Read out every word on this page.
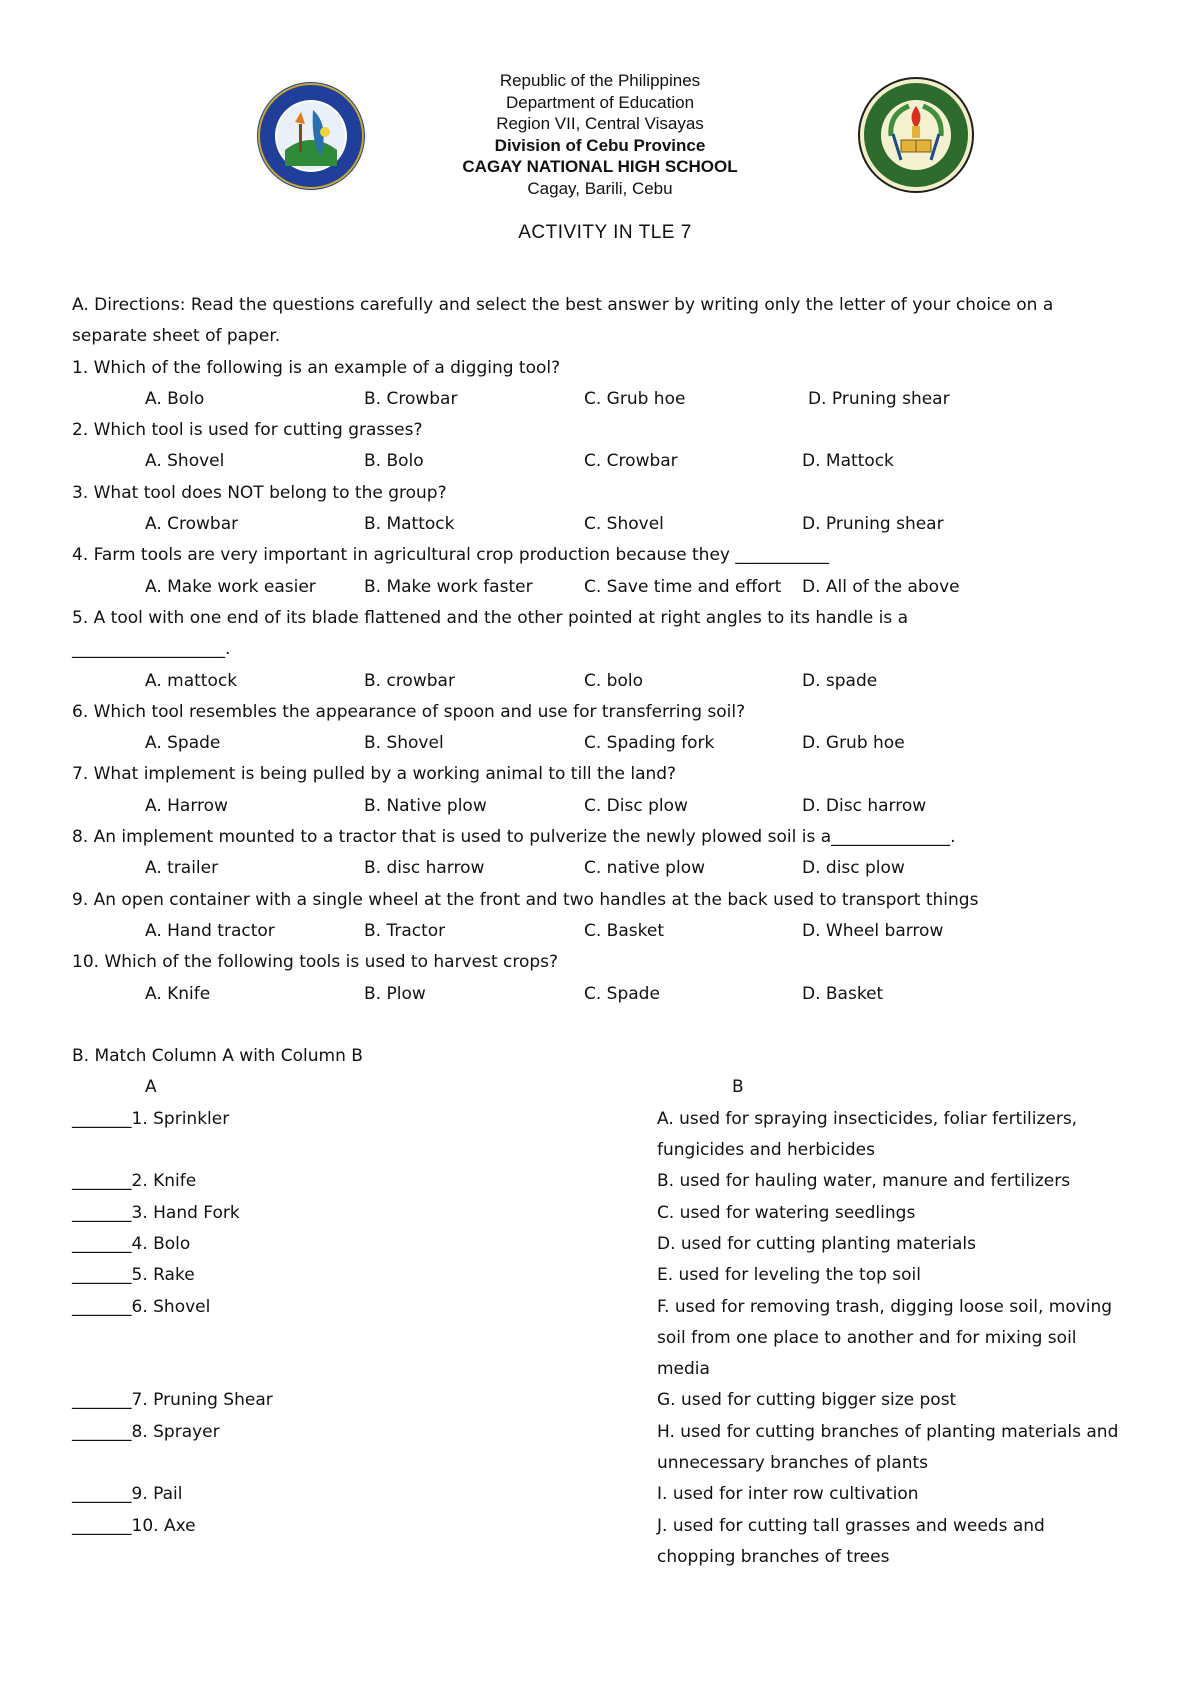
Republic of the Philippines
Department of Education
Region VII, Central Visayas
Division of Cebu Province
CAGAY NATIONAL HIGH SCHOOL
Cagay, Barili, Cebu
ACTIVITY IN TLE 7
A. Directions: Read the questions carefully and select the best answer by writing only the letter of your choice on a separate sheet of paper.
1. Which of the following is an example of a digging tool?
A. Bolo	B. Crowbar	C. Grub hoe	D. Pruning shear
2. Which tool is used for cutting grasses?
A. Shovel	B. Bolo	C. Crowbar	D. Mattock
3. What tool does NOT belong to the group?
A. Crowbar	B. Mattock	C. Shovel	D. Pruning shear
4. Farm tools are very important in agricultural crop production because they ___________
A. Make work easier	B. Make work faster	C. Save time and effort D. All of the above
5. A tool with one end of its blade flattened and the other pointed at right angles to its handle is a
__________________.
A. mattock	B. crowbar	C. bolo	D. spade
6. Which tool resembles the appearance of spoon and use for transferring soil?
A. Spade	B. Shovel	C. Spading fork	D. Grub hoe
7. What implement is being pulled by a working animal to till the land?
A. Harrow	B. Native plow	C. Disc plow	D. Disc harrow
8. An implement mounted to a tractor that is used to pulverize the newly plowed soil is a______________.
A. trailer	B. disc harrow	C. native plow	D. disc plow
9. An open container with a single wheel at the front and two handles at the back used to transport things
A. Hand tractor	B. Tractor	C. Basket	D. Wheel barrow
10. Which of the following tools is used to harvest crops?
A. Knife	B. Plow	C. Spade	D. Basket
B. Match Column A with Column B
A	B
_______1. Sprinkler	A. used for spraying insecticides, foliar fertilizers, fungicides and herbicides
_______2. Knife	B. used for hauling water, manure and fertilizers
_______3. Hand Fork	C. used for watering seedlings
_______4. Bolo	D. used for cutting planting materials
_______5. Rake	E. used for leveling the top soil
_______6. Shovel	F. used for removing trash, digging loose soil, moving soil from one place to another and for mixing soil media
_______7. Pruning Shear	G. used for cutting bigger size post
_______8. Sprayer	H. used for cutting branches of planting materials and unnecessary branches of plants
_______9. Pail	I. used for inter row cultivation
_______10. Axe	J. used for cutting tall grasses and weeds and chopping branches of trees
